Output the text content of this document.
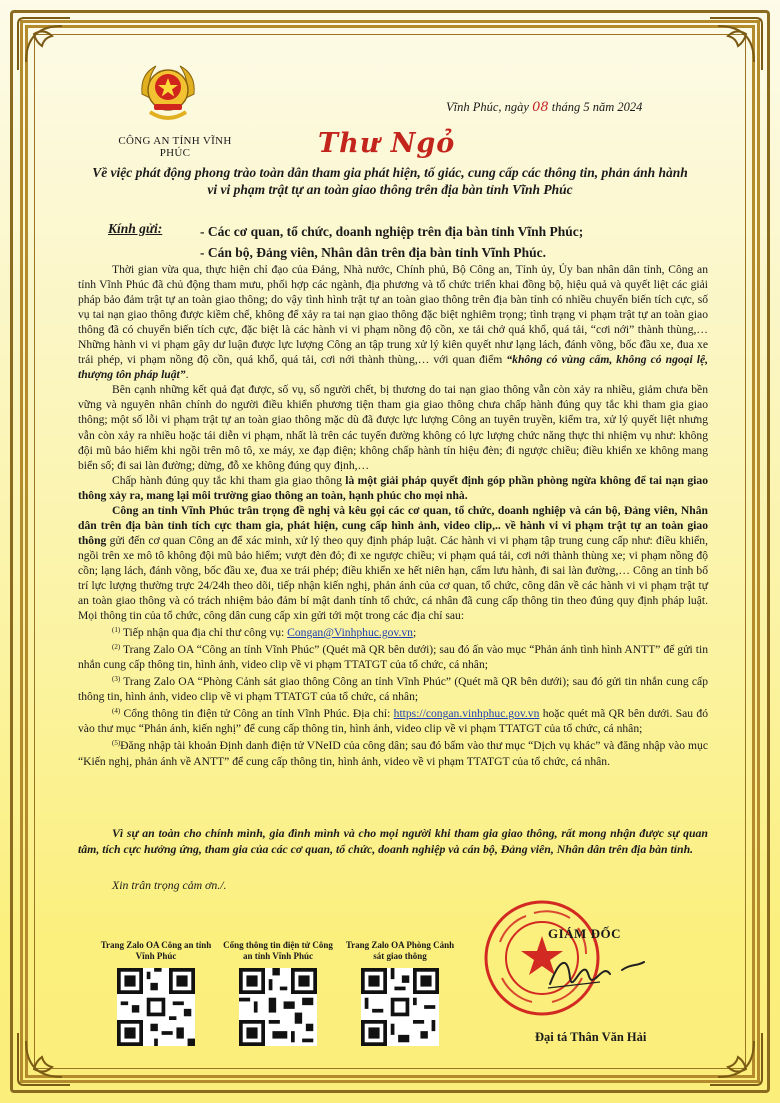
CÔNG AN TỈNH VĨNH PHÚC
Vĩnh Phúc, ngày 08 tháng 5 năm 2024
Thư Ngỏ
Về việc phát động phong trào toàn dân tham gia phát hiện, tố giác, cung cấp các thông tin, phản ánh hành vi vi phạm trật tự an toàn giao thông trên địa bàn tỉnh Vĩnh Phúc
Kính gửi:	- Các cơ quan, tổ chức, doanh nghiệp trên địa bàn tỉnh Vĩnh Phúc;
- Cán bộ, Đảng viên, Nhân dân trên địa bàn tỉnh Vĩnh Phúc.

Thời gian vừa qua, thực hiện chỉ đạo của Đảng, Nhà nước, Chính phủ, Bộ Công an, Tỉnh ủy, Ủy ban nhân dân tỉnh, Công an tỉnh Vĩnh Phúc đã chủ động tham mưu, phối hợp các ngành, địa phương và tổ chức triển khai đồng bộ, hiệu quả và quyết liệt các giải pháp bảo đảm trật tự an toàn giao thông; do vậy tình hình trật tự an toàn giao thông trên địa bàn tỉnh có nhiều chuyển biến tích cực, số vụ tai nạn giao thông được kiềm chế, không để xảy ra tai nạn giao thông đặc biệt nghiêm trọng; tình trạng vi phạm trật tự an toàn giao thông đã có chuyển biến tích cực, đặc biệt là các hành vi vi phạm nồng độ cồn, xe tải chở quá khổ, quá tải, “cơi nới” thành thùng,… Những hành vi vi phạm gây dư luận được lực lượng Công an tập trung xử lý kiên quyết như lạng lách, đánh võng, bốc đầu xe, đua xe trái phép, vi phạm nồng độ cồn, quá khổ, quá tải, cơi nới thành thùng,… với quan điểm “không có vùng cấm, không có ngoại lệ, thượng tôn pháp luật”.

Bên cạnh những kết quả đạt được, số vụ, số người chết, bị thương do tai nạn giao thông vẫn còn xảy ra nhiều, giảm chưa bền vững và nguyên nhân chính do người điều khiển phương tiện tham gia giao thông chưa chấp hành đúng quy tắc khi tham gia giao thông; một số lỗi vi phạm trật tự an toàn giao thông mặc dù đã được lực lượng Công an tuyên truyền, kiểm tra, xử lý quyết liệt nhưng vẫn còn xảy ra nhiều hoặc tái diễn vi phạm, nhất là trên các tuyến đường không có lực lượng chức năng thực thi nhiệm vụ như: không đội mũ bảo hiểm khi ngồi trên mô tô, xe máy, xe đạp điện; không chấp hành tín hiệu đèn; đi ngược chiều; điều khiển xe không mang biển số; đi sai làn đường; dừng, đỗ xe không đúng quy định,…

Chấp hành đúng quy tắc khi tham gia giao thông là một giải pháp quyết định góp phần phòng ngừa không để tai nạn giao thông xảy ra, mang lại môi trường giao thông an toàn, hạnh phúc cho mọi nhà.

Công an tỉnh Vĩnh Phúc trân trọng đề nghị và kêu gọi các cơ quan, tổ chức, doanh nghiệp và cán bộ, Đảng viên, Nhân dân trên địa bàn tỉnh tích cực tham gia, phát hiện, cung cấp hình ảnh, video clip,.. về hành vi vi phạm trật tự an toàn giao thông gửi đến cơ quan Công an để xác minh, xử lý theo quy định pháp luật. Các hành vi vi phạm tập trung cung cấp như: điều khiển, ngồi trên xe mô tô không đội mũ bảo hiểm; vượt đèn đỏ; đi xe ngược chiều; vi phạm quá tải, cơi nới thành thùng xe; vi phạm nồng độ cồn; lạng lách, đánh võng, bốc đầu xe, đua xe trái phép; điều khiển xe hết niên hạn, cấm lưu hành, đi sai làn đường,… Công an tỉnh bố trí lực lượng thường trực 24/24h theo dõi, tiếp nhận kiến nghị, phản ánh của cơ quan, tổ chức, công dân về các hành vi vi phạm trật tự an toàn giao thông và có trách nhiệm bảo đảm bí mật danh tính tổ chức, cá nhân đã cung cấp thông tin theo đúng quy định pháp luật. Mọi thông tin của tổ chức, công dân cung cấp xin gửi tới một trong các địa chỉ sau:

$^{(1)}$ Tiếp nhận qua địa chỉ thư công vụ: Congan@Vinhphuc.gov.vn;

$^{(2)}$ Trang Zalo OA “Công an tỉnh Vĩnh Phúc” (Quét mã QR bên dưới); sau đó ấn vào mục “Phản ánh tình hình ANTT” để gửi tin nhắn cung cấp thông tin, hình ảnh, video clip về vi phạm TTATGT của tổ chức, cá nhân;

$^{(3)}$ Trang Zalo OA “Phòng Cảnh sát giao thông Công an tỉnh Vĩnh Phúc” (Quét mã QR bên dưới); sau đó gửi tin nhắn cung cấp thông tin, hình ảnh, video clip về vi phạm TTATGT của tổ chức, cá nhân;

$^{(4)}$ Cổng thông tin điện tử Công an tỉnh Vĩnh Phúc. Địa chỉ: https://congan.vinhphuc.gov.vn hoặc quét mã QR bên dưới. Sau đó vào thư mục “Phản ánh, kiến nghị” để cung cấp thông tin, hình ảnh, video clip về vi phạm TTATGT của tổ chức, cá nhân;

$^{(5)}$Đăng nhập tài khoản Định danh điện tử VNeID của công dân; sau đó bấm vào thư mục “Dịch vụ khác” và đăng nhập vào mục “Kiến nghị, phản ánh về ANTT” để cung cấp thông tin, hình ảnh, video về vi phạm TTATGT của tổ chức, cá nhân.

Vì sự an toàn cho chính mình, gia đình mình và cho mọi người khi tham gia giao thông, rất mong nhận được sự quan tâm, tích cực hưởng ứng, tham gia của các cơ quan, tổ chức, doanh nghiệp và cán bộ, Đảng viên, Nhân dân trên địa bàn tỉnh.

Xin trân trọng cảm ơn./.
Trang Zalo OA Công an tỉnh Vĩnh Phúc
Cổng thông tin điện tử Công an tỉnh Vĩnh Phúc
Trang Zalo OA Phòng Cảnh sát giao thông
GIÁM ĐỐC
Đại tá Thân Văn Hải
